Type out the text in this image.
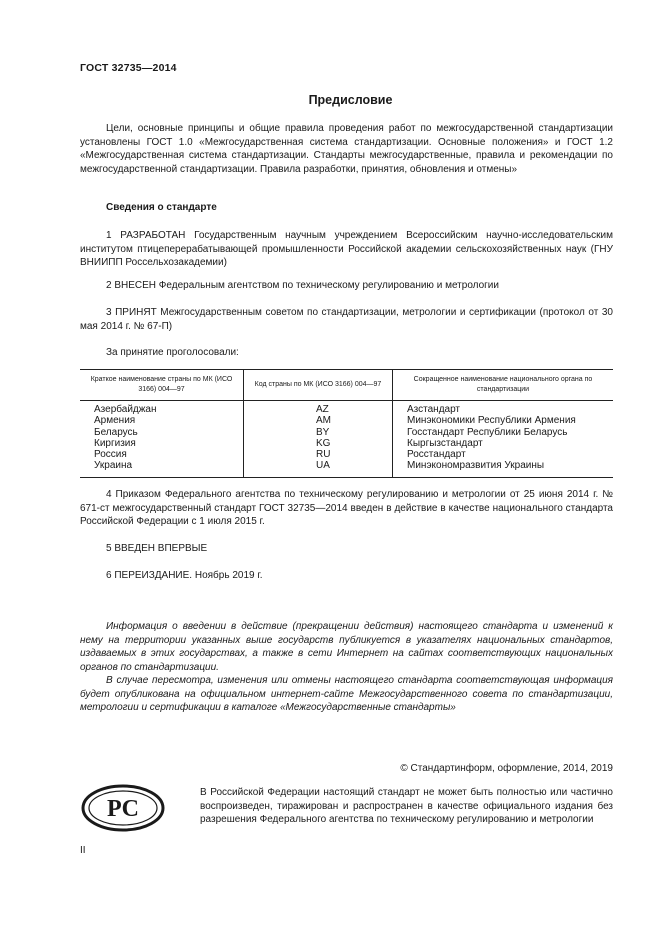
ГОСТ 32735—2014
Предисловие
Цели, основные принципы и общие правила проведения работ по межгосударственной стандартизации установлены ГОСТ 1.0 «Межгосударственная система стандартизации. Основные положения» и ГОСТ 1.2 «Межгосударственная система стандартизации. Стандарты межгосударственные, правила и рекомендации по межгосударственной стандартизации. Правила разработки, принятия, обновления и отмены»
Сведения о стандарте
1 РАЗРАБОТАН Государственным научным учреждением Всероссийским научно-исследовательским институтом птицеперерабатывающей промышленности Российской академии сельскохозяйственных наук (ГНУ ВНИИПП Россельхозакадемии)
2 ВНЕСЕН Федеральным агентством по техническому регулированию и метрологии
3 ПРИНЯТ Межгосударственным советом по стандартизации, метрологии и сертификации (протокол от 30 мая 2014 г. № 67-П)
За принятие проголосовали:
Краткое наименование страны по МК (ИСО 3166) 004—97	Код страны по МК (ИСО 3166) 004—97	Сокращенное наименование национального органа по стандартизации
Азербайджан	AZ	Азстандарт
Армения	AM	Минэкономики Республики Армения
Беларусь	BY	Госстандарт Республики Беларусь
Киргизия	KG	Кыргызстандарт
Россия	RU	Росстандарт
Украина	UA	Минэкономразвития Украины
4 Приказом Федерального агентства по техническому регулированию и метрологии от 25 июня 2014 г. № 671-ст межгосударственный стандарт ГОСТ 32735—2014 введен в действие в качестве национального стандарта Российской Федерации с 1 июля 2015 г.
5 ВВЕДЕН ВПЕРВЫЕ
6 ПЕРЕИЗДАНИЕ. Ноябрь 2019 г.
Информация о введении в действие (прекращении действия) настоящего стандарта и изменений к нему на территории указанных выше государств публикуется в указателях национальных стандартов, издаваемых в этих государствах, а также в сети Интернет на сайтах соответствующих национальных органов по стандартизации.
В случае пересмотра, изменения или отмены настоящего стандарта соответствующая информация будет опубликована на официальном интернет-сайте Межгосударственного совета по стандартизации, метрологии и сертификации в каталоге «Межгосударственные стандарты»
© Стандартинформ, оформление, 2014, 2019
PC
В Российской Федерации настоящий стандарт не может быть полностью или частично воспроизведен, тиражирован и распространен в качестве официального издания без разрешения Федерального агентства по техническому регулированию и метрологии
II
